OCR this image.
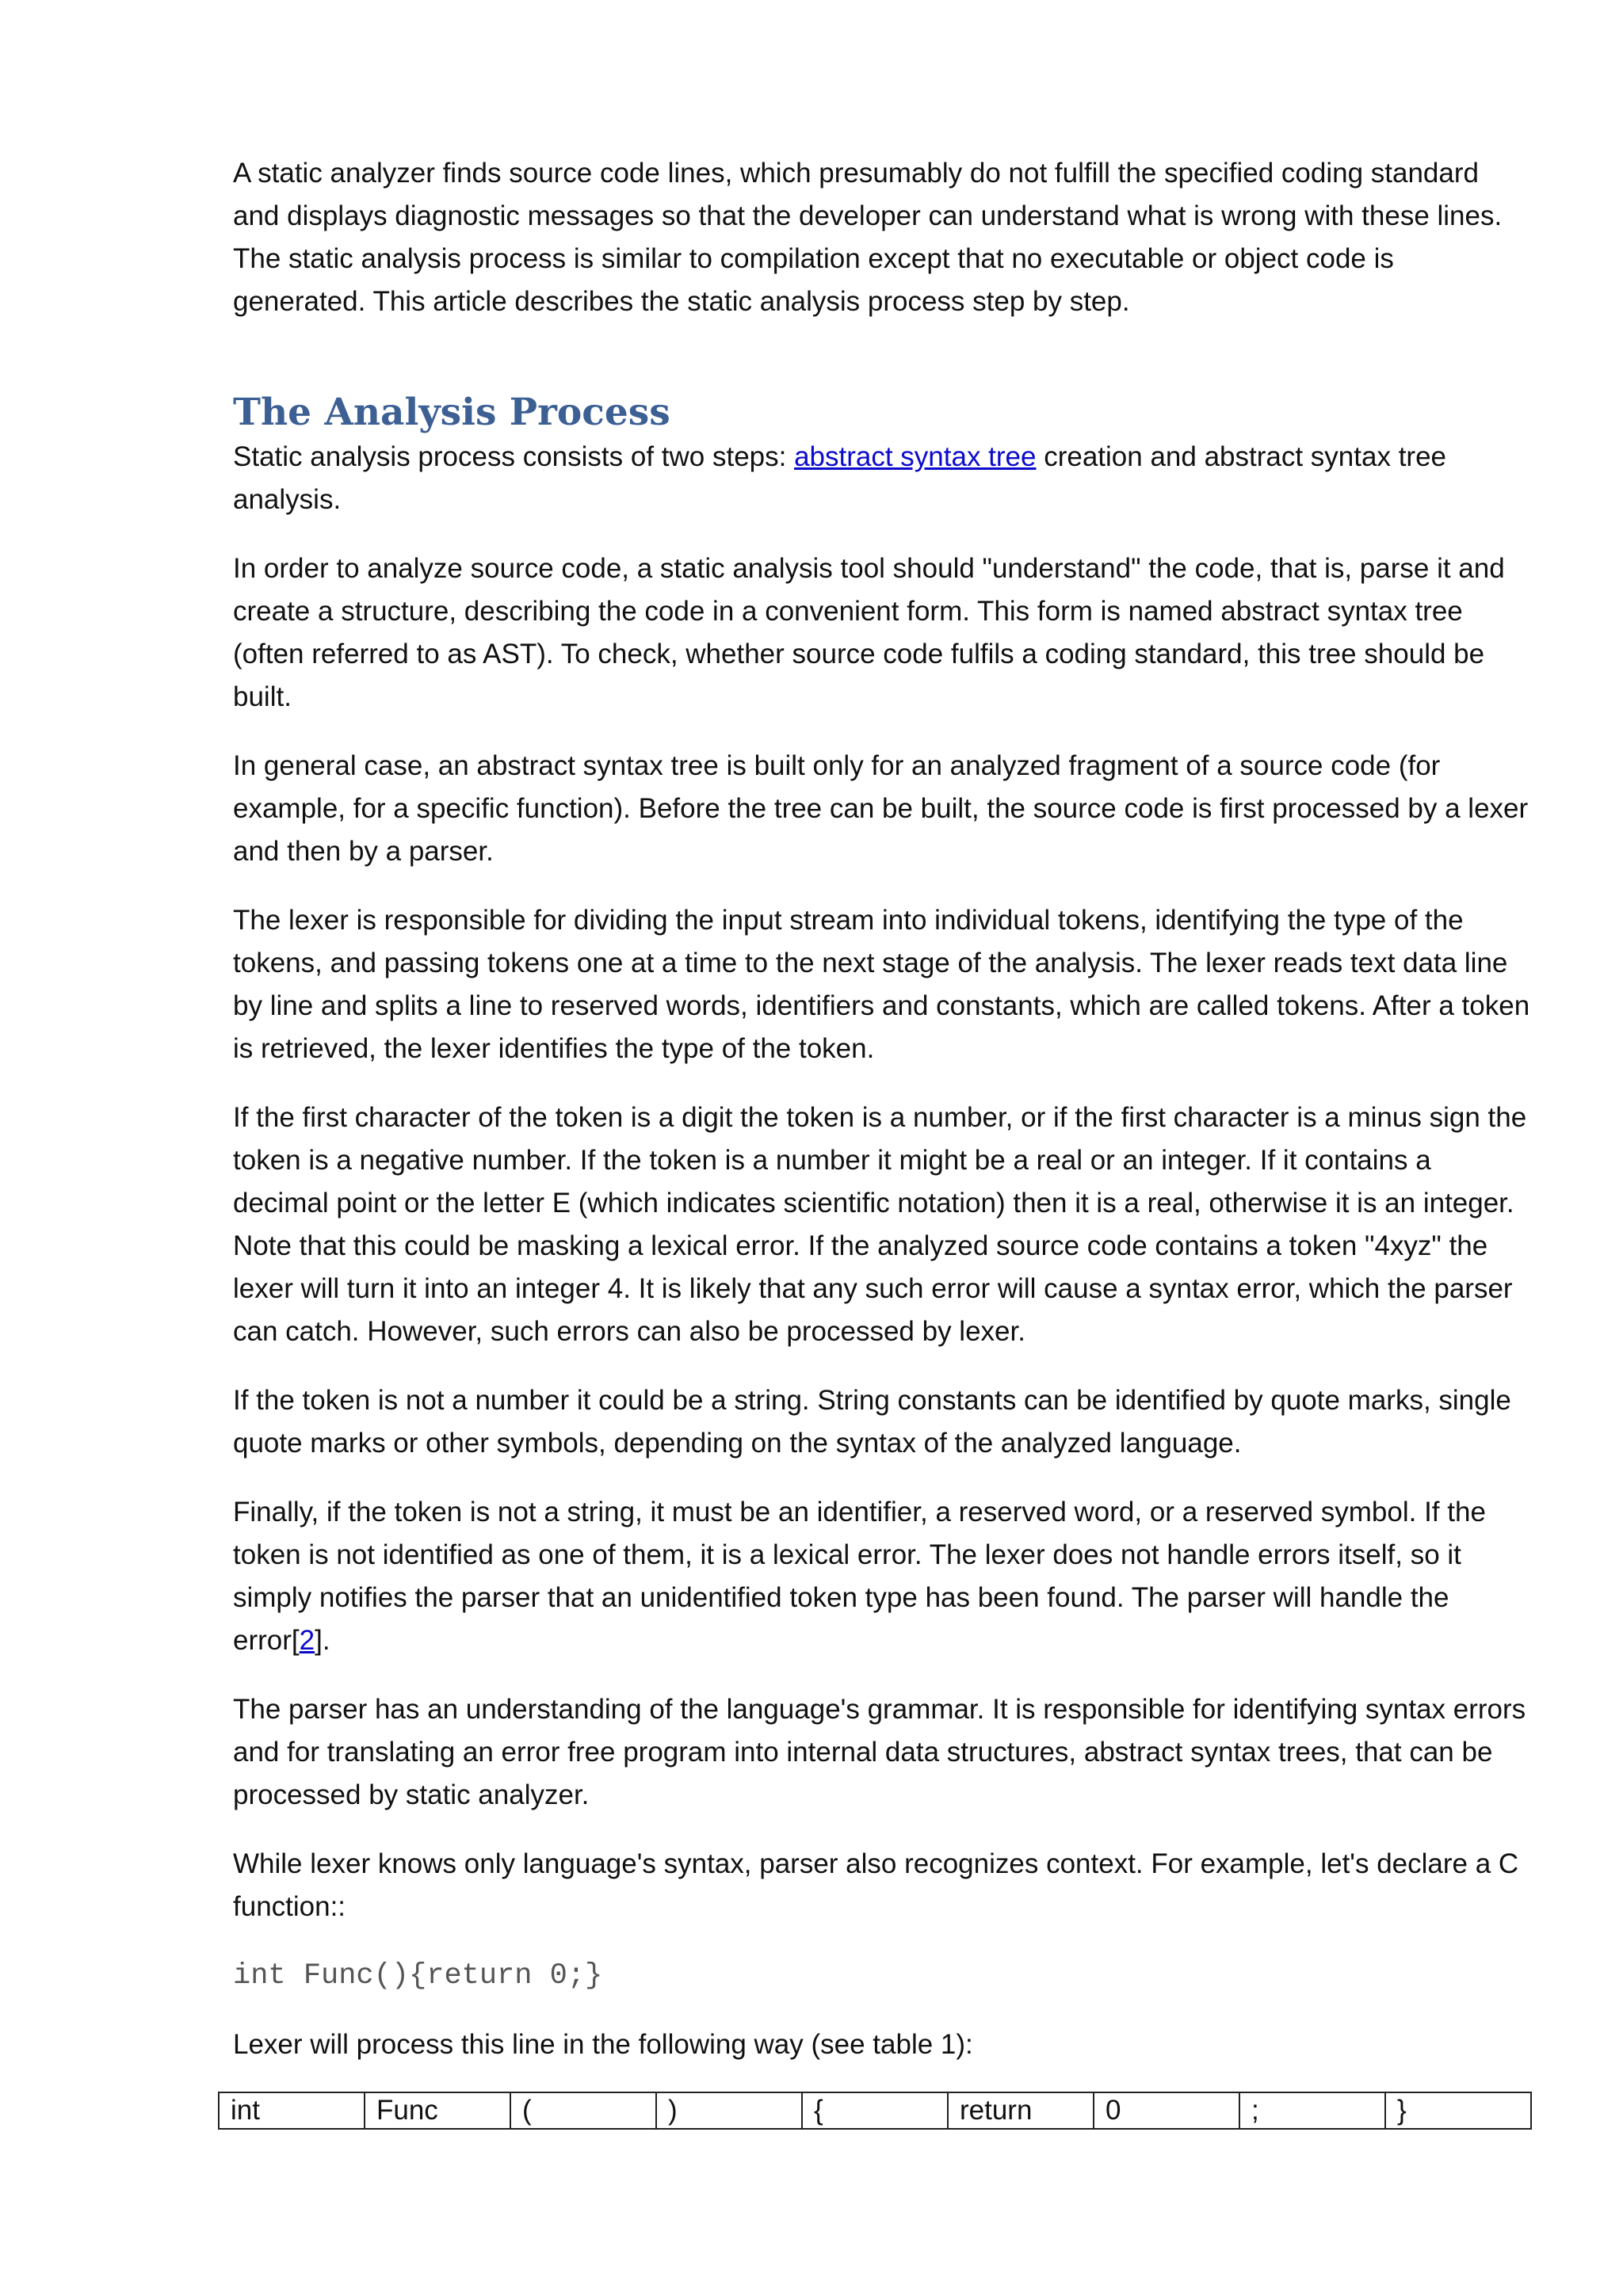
A static analyzer finds source code lines, which presumably do not fulfill the specified coding standard and displays diagnostic messages so that the developer can understand what is wrong with these lines. The static analysis process is similar to compilation except that no executable or object code is generated. This article describes the static analysis process step by step.

The Analysis Process

Static analysis process consists of two steps: abstract syntax tree creation and abstract syntax tree analysis.

In order to analyze source code, a static analysis tool should "understand" the code, that is, parse it and create a structure, describing the code in a convenient form. This form is named abstract syntax tree (often referred to as AST). To check, whether source code fulfils a coding standard, this tree should be built.

In general case, an abstract syntax tree is built only for an analyzed fragment of a source code (for example, for a specific function). Before the tree can be built, the source code is first processed by a lexer and then by a parser.

The lexer is responsible for dividing the input stream into individual tokens, identifying the type of the tokens, and passing tokens one at a time to the next stage of the analysis. The lexer reads text data line by line and splits a line to reserved words, identifiers and constants, which are called tokens. After a token is retrieved, the lexer identifies the type of the token.

If the first character of the token is a digit the token is a number, or if the first character is a minus sign the token is a negative number. If the token is a number it might be a real or an integer. If it contains a decimal point or the letter E (which indicates scientific notation) then it is a real, otherwise it is an integer. Note that this could be masking a lexical error. If the analyzed source code contains a token "4xyz" the lexer will turn it into an integer 4. It is likely that any such error will cause a syntax error, which the parser can catch. However, such errors can also be processed by lexer.

If the token is not a number it could be a string. String constants can be identified by quote marks, single quote marks or other symbols, depending on the syntax of the analyzed language.

Finally, if the token is not a string, it must be an identifier, a reserved word, or a reserved symbol. If the token is not identified as one of them, it is a lexical error. The lexer does not handle errors itself, so it simply notifies the parser that an unidentified token type has been found. The parser will handle the error[2].

The parser has an understanding of the language's grammar. It is responsible for identifying syntax errors and for translating an error free program into internal data structures, abstract syntax trees, that can be processed by static analyzer.

While lexer knows only language's syntax, parser also recognizes context. For example, let's declare a C function::

int Func(){return 0;}

Lexer will process this line in the following way (see table 1):

int	Func	(	)	{	return	0	;	}
